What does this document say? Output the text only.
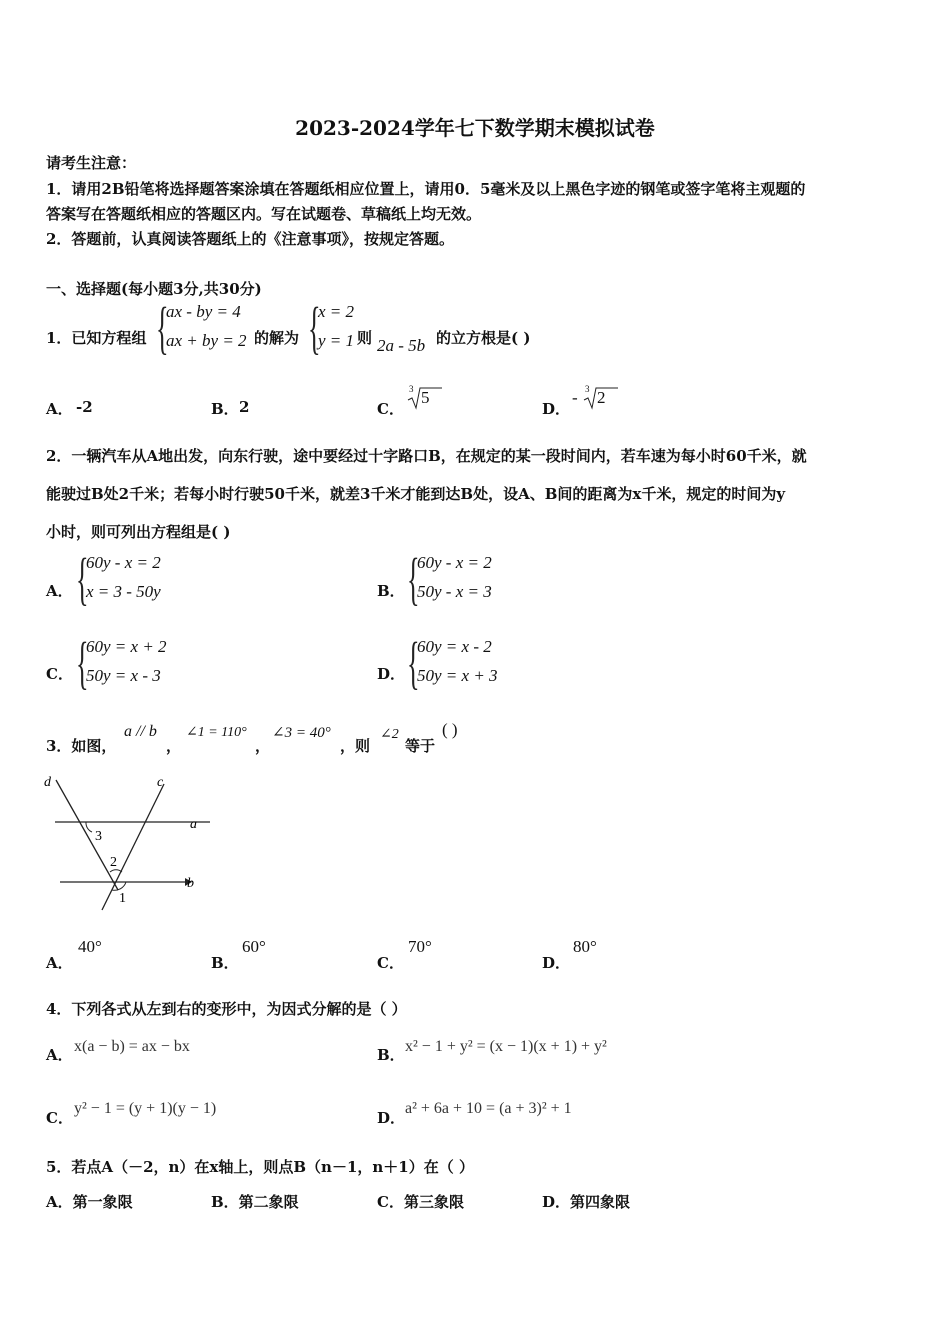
2023-2024学年七下数学期末模拟试卷
请考生注意：
1．请用2B铅笔将选择题答案涂填在答题纸相应位置上，请用0．5毫米及以上黑色字迹的钢笔或签字笔将主观题的
答案写在答题纸相应的答题区内。写在试题卷、草稿纸上均无效。
2．答题前，认真阅读答题纸上的《注意事项》，按规定答题。
一、选择题(每小题3分,共30分)
1．已知方程组 {
ax - by = 4
ax + by = 2 的解为 {
x = 2
y = 1 则 2a - 5b 的立方根是( )
A． -2	B． 2	C．
3 5
D．
- 3 2
2．一辆汽车从A地出发，向东行驶，途中要经过十字路口B，在规定的某一段时间内，若车速为每小时60千米，就
能驶过B处2千米；若每小时行驶50千米，就差3千米才能到达B处，设A、B间的距离为x千米，规定的时间为y
小时，则可列出方程组是( )
A． {
60y - x = 2
x = 3 - 50y	B． {
60y - x = 2
50y - x = 3
C． {
60y = x + 2
50y = x - 3	D． {
60y = x - 2
50y = x + 3
3．如图，
a // b
，
∠1 = 110°
，
∠3 = 40°
，则
∠2
等于
( )
d	c
a
b
3
2
1
A．
40°
B．
60°
C．
70°
D．
80°
4．下列各式从左到右的变形中，为因式分解的是（ ）
A． x(a − b) = ax − bx	B． x² − 1 + y² = (x − 1)(x + 1) + y²
C．
y² − 1 = (y + 1)(y − 1)
D．
a² + 6a + 10 = (a + 3)² + 1
5．若点A（－2，n）在x轴上，则点B（n－1，n＋1）在（ ）
A．第一象限	B．第二象限	C．第三象限	D．第四象限
